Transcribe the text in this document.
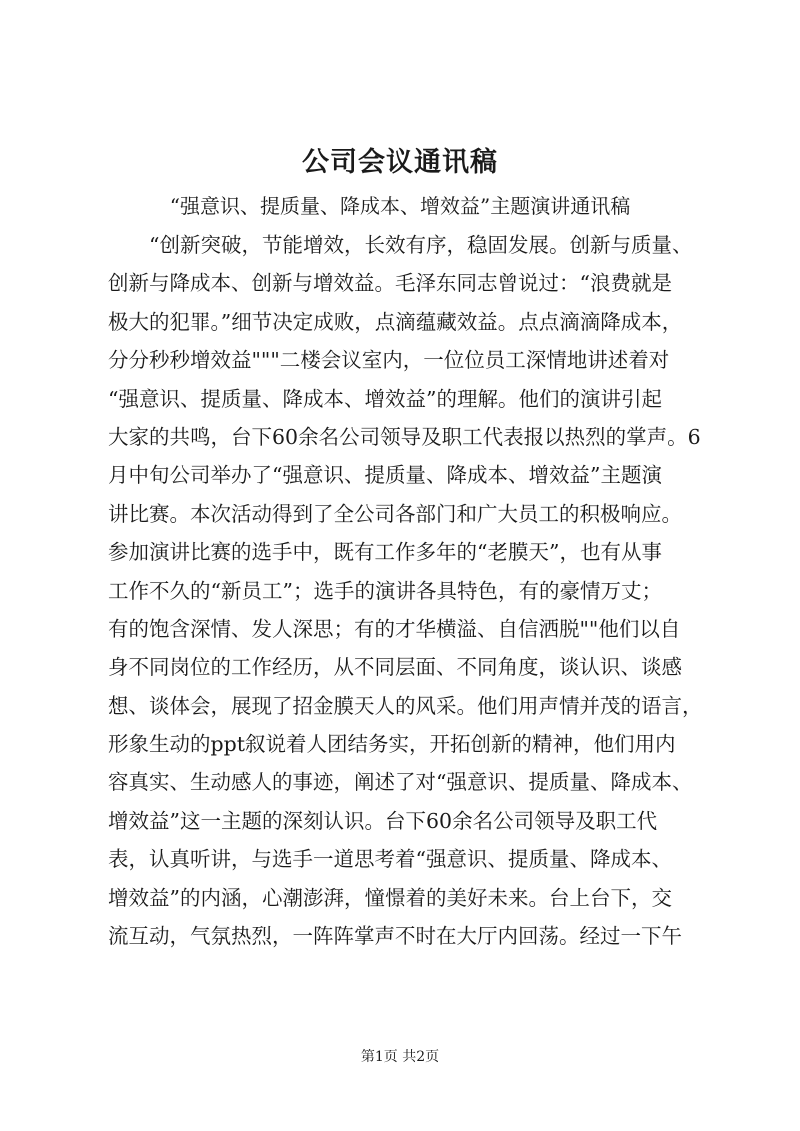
公司会议通讯稿
“强意识、提质量、降成本、增效益”主题演讲通讯稿
　　“创新突破，节能增效，长效有序，稳固发展。创新与质量、
创新与降成本、创新与增效益。毛泽东同志曾说过：“浪费就是
极大的犯罪。”细节决定成败，点滴蕴藏效益。点点滴滴降成本，
分分秒秒增效益"""二楼会议室内，一位位员工深情地讲述着对
“强意识、提质量、降成本、增效益”的理解。他们的演讲引起
大家的共鸣，台下60余名公司领导及职工代表报以热烈的掌声。6
月中旬公司举办了“强意识、提质量、降成本、增效益”主题演
讲比赛。本次活动得到了全公司各部门和广大员工的积极响应。
参加演讲比赛的选手中，既有工作多年的“老膜天”，也有从事
工作不久的“新员工”；选手的演讲各具特色，有的豪情万丈；
有的饱含深情、发人深思；有的才华横溢、自信洒脱""他们以自
身不同岗位的工作经历，从不同层面、不同角度，谈认识、谈感
想、谈体会，展现了招金膜天人的风采。他们用声情并茂的语言，
形象生动的ppt叙说着人团结务实，开拓创新的精神，他们用内
容真实、生动感人的事迹，阐述了对“强意识、提质量、降成本、
增效益”这一主题的深刻认识。台下60余名公司领导及职工代
表，认真听讲，与选手一道思考着“强意识、提质量、降成本、
增效益”的内涵，心潮澎湃，憧憬着的美好未来。台上台下，交
流互动，气氛热烈，一阵阵掌声不时在大厅内回荡。经过一下午
第1页 共2页
